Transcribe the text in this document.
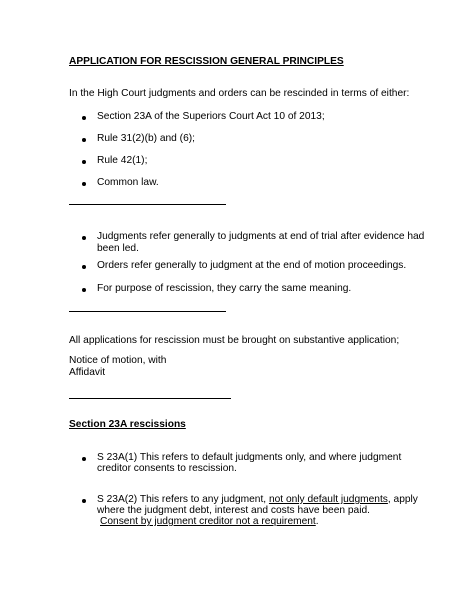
APPLICATION FOR RESCISSION GENERAL PRINCIPLES
In the High Court judgments and orders can be rescinded in terms of either:
Section 23A of the Superiors Court Act 10 of 2013;
Rule 31(2)(b) and (6);
Rule 42(1);
Common law.
Judgments refer generally to judgments at end of trial after evidence had
been led.
Orders refer generally to judgment at the end of motion proceedings.
For purpose of rescission, they carry the same meaning.
All applications for rescission must be brought on substantive application;
Notice of motion, with
Affidavit
Section 23A rescissions
S 23A(1) This refers to default judgments only, and where judgment
creditor consents to rescission.
S 23A(2) This refers to any judgment, not only default judgments, apply
where the judgment debt, interest and costs have been paid.
Consent by judgment creditor not a requirement.
